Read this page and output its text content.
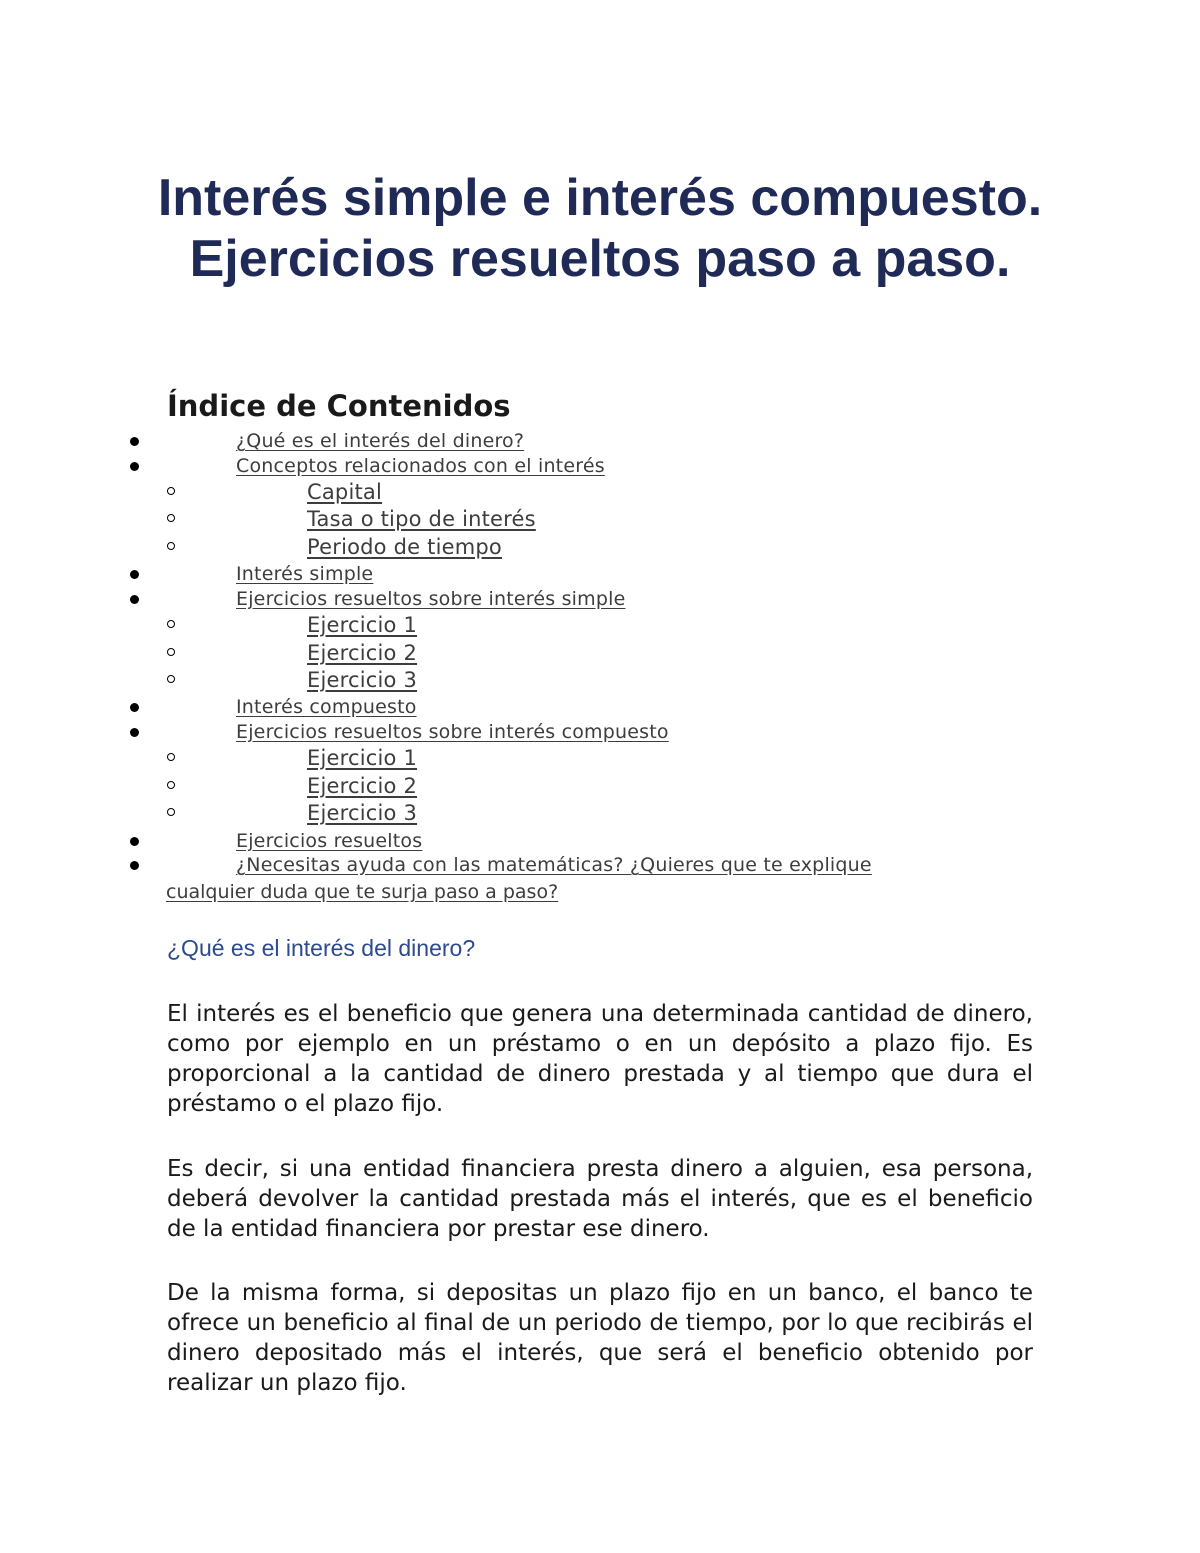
Interés simple e interés compuesto. Ejercicios resueltos paso a paso.
Índice de Contenidos
¿Qué es el interés del dinero?
Conceptos relacionados con el interés
Capital
Tasa o tipo de interés
Periodo de tiempo
Interés simple
Ejercicios resueltos sobre interés simple
Ejercicio 1
Ejercicio 2
Ejercicio 3
Interés compuesto
Ejercicios resueltos sobre interés compuesto
Ejercicio 1
Ejercicio 2
Ejercicio 3
Ejercicios resueltos
¿Necesitas ayuda con las matemáticas? ¿Quieres que te explique
cualquier duda que te surja paso a paso?
¿Qué es el interés del dinero?

El interés es el beneficio que genera una determinada cantidad de dinero, como por ejemplo en un préstamo o en un depósito a plazo fijo. Es proporcional a la cantidad de dinero prestada y al tiempo que dura el préstamo o el plazo fijo.

Es decir, si una entidad financiera presta dinero a alguien, esa persona, deberá devolver la cantidad prestada más el interés, que es el beneficio de la entidad financiera por prestar ese dinero.

De la misma forma, si depositas un plazo fijo en un banco, el banco te ofrece un beneficio al final de un periodo de tiempo, por lo que recibirás el dinero depositado más el interés, que será el beneficio obtenido por realizar un plazo fijo.
